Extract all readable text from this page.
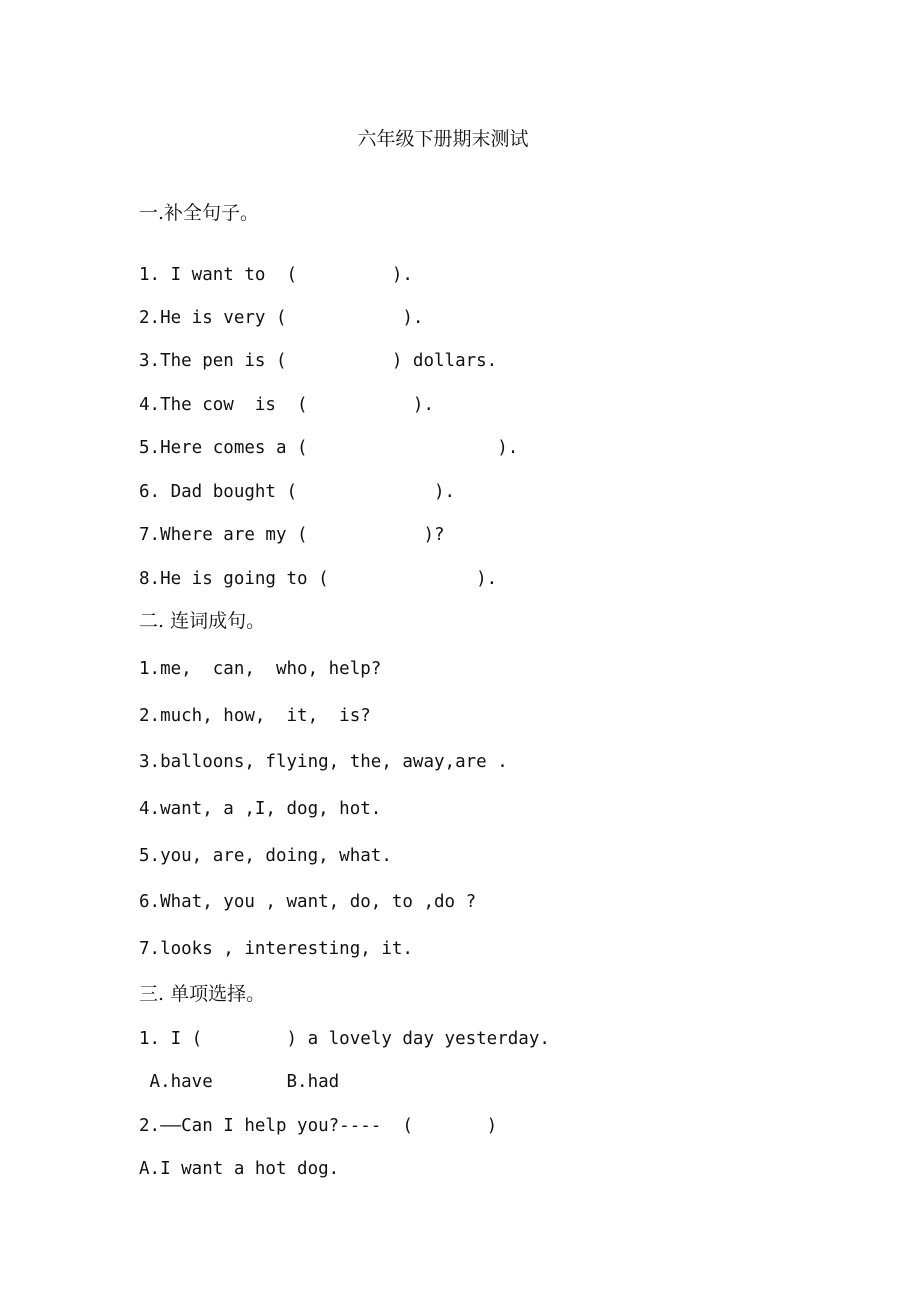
六年级下册期末测试
一.补全句子。
1. I want to  (         ).
2.He is very (           ).
3.The pen is (          ) dollars.
4.The cow  is  (          ).
5.Here comes a (                  ).
6. Dad bought (             ).
7.Where are my (           )?
8.He is going to (              ).
二. 连词成句。
1.me,  can,  who, help?
2.much, how,  it,  is?
3.balloons, flying, the, away,are .
4.want, a ,I, dog, hot.
5.you, are, doing, what.
6.What, you , want, do, to ,do ?
7.looks , interesting, it.
三. 单项选择。
1. I (        ) a lovely day yesterday.
A.have       B.had
2.——Can I help you?----  (       )
A.I want a hot dog.
